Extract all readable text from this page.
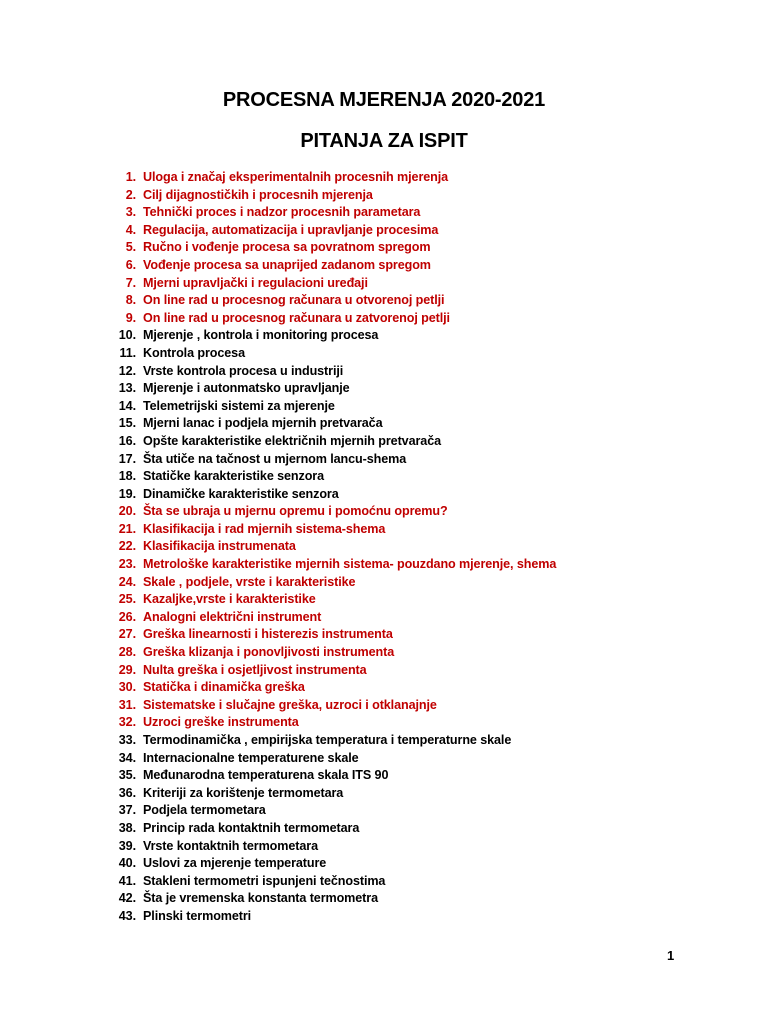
PROCESNA MJERENJA 2020-2021
PITANJA ZA ISPIT
1. Uloga i značaj eksperimentalnih procesnih mjerenja
2. Cilj dijagnostičkih i procesnih mjerenja
3. Tehnički proces i nadzor procesnih parametara
4. Regulacija, automatizacija i upravljanje procesima
5. Ručno i vođenje procesa sa povratnom spregom
6. Vođenje procesa sa unaprijed zadanom spregom
7. Mjerni upravljački i regulacioni uređaji
8. On line rad u procesnog računara u otvorenoj petlji
9. On line rad u procesnog računara u zatvorenoj petlji
10. Mjerenje , kontrola i monitoring procesa
11. Kontrola procesa
12. Vrste kontrola procesa u industriji
13. Mjerenje i autonmatsko upravljanje
14. Telemetrijski sistemi za mjerenje
15. Mjerni lanac i podjela mjernih pretvarača
16. Opšte karakteristike električnih mjernih pretvarača
17. Šta utiče na tačnost u mjernom lancu-shema
18. Statičke karakteristike senzora
19. Dinamičke karakteristike senzora
20. Šta se ubraja u mjernu opremu i pomoćnu opremu?
21. Klasifikacija i rad mjernih sistema-shema
22. Klasifikacija instrumenata
23. Metrološke karakteristike mjernih sistema- pouzdano mjerenje, shema
24. Skale , podjele, vrste i karakteristike
25. Kazaljke,vrste i karakteristike
26. Analogni električni instrument
27. Greška linearnosti i histerezis instrumenta
28. Greška klizanja i ponovljivosti instrumenta
29. Nulta greška i osjetljivost instrumenta
30. Statička i dinamička greška
31. Sistematske i slučajne greška, uzroci i otklanajnje
32. Uzroci greške instrumenta
33. Termodinamička , empirijska temperatura i temperaturne skale
34. Internacionalne temperaturene skale
35. Međunarodna temperaturena skala ITS 90
36. Kriteriji za korištenje termometara
37. Podjela termometara
38. Princip rada kontaktnih termometara
39. Vrste kontaktnih termometara
40. Uslovi za mjerenje temperature
41. Stakleni termometri ispunjeni tečnostima
42. Šta je vremenska konstanta termometra
43. Plinski termometri
1
